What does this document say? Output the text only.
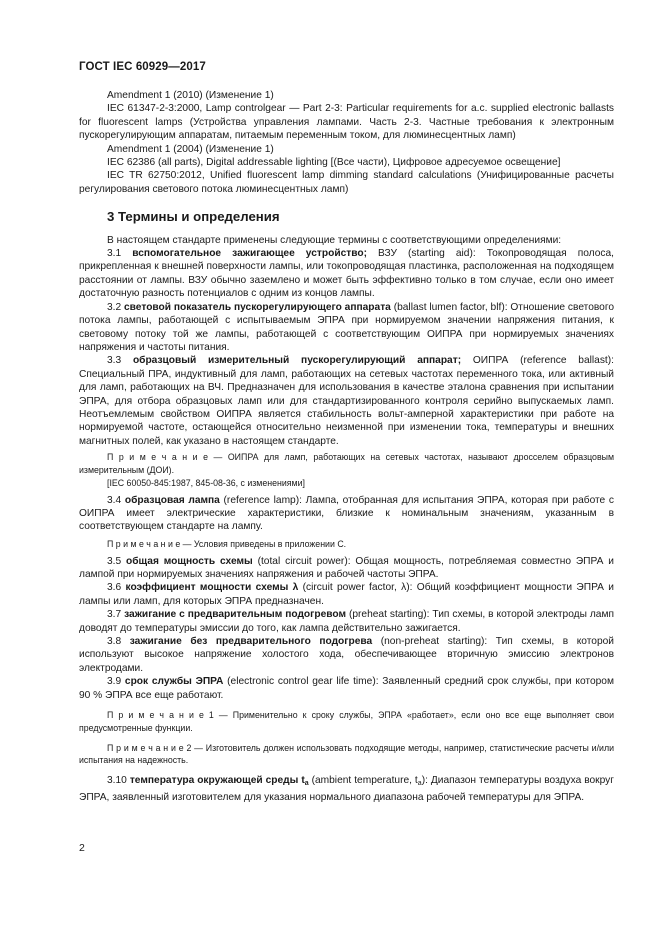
ГОСТ IEC 60929—2017

Amendment 1 (2010) (Изменение 1)

IEC 61347-2-3:2000, Lamp controlgear — Part 2-3: Particular requirements for a.c. supplied electronic ballasts for fluorescent lamps (Устройства управления лампами. Часть 2-3. Частные требования к электронным пускорегулирующим аппаратам, питаемым переменным током, для люминесцентных ламп)

Amendment 1 (2004) (Изменение 1)

IEC 62386 (all parts), Digital addressable lighting [(Все части), Цифровое адресуемое освещение]

IEC TR 62750:2012, Unified fluorescent lamp dimming standard calculations (Унифицированные расчеты регулирования светового потока люминесцентных ламп)

3 Термины и определения

В настоящем стандарте применены следующие термины с соответствующими определениями:

3.1 вспомогательное зажигающее устройство; ВЗУ (starting aid): Токопроводящая полоса, прикрепленная к внешней поверхности лампы, или токопроводящая пластинка, расположенная на подходящем расстоянии от лампы. ВЗУ обычно заземлено и может быть эффективно только в том случае, если оно имеет достаточную разность потенциалов с одним из концов лампы.

3.2 световой показатель пускорегулирующего аппарата (ballast lumen factor, blf): Отношение светового потока лампы, работающей с испытываемым ЭПРА при нормируемом значении напряжения питания, к световому потоку той же лампы, работающей с соответствующим ОИПРА при нормируемых значениях напряжения и частоты питания.

3.3 образцовый измерительный пускорегулирующий аппарат; ОИПРА (reference ballast): Специальный ПРА, индуктивный для ламп, работающих на сетевых частотах переменного тока, или активный для ламп, работающих на ВЧ. Предназначен для использования в качестве эталона сравнения при испытании ЭПРА, для отбора образцовых ламп или для стандартизированного контроля серийно выпускаемых ламп. Неотъемлемым свойством ОИПРА является стабильность вольт-амперной характеристики при работе на нормируемой частоте, остающейся относительно неизменной при изменении тока, температуры и внешних магнитных полей, как указано в настоящем стандарте.

П р и м е ч а н и е — ОИПРА для ламп, работающих на сетевых частотах, называют дросселем образцовым измерительным (ДОИ).

[IEC 60050-845:1987, 845-08-36, с изменениями]

3.4 образцовая лампа (reference lamp): Лампа, отобранная для испытания ЭПРА, которая при работе с ОИПРА имеет электрические характеристики, близкие к номинальным значениям, указанным в соответствующем стандарте на лампу.

П р и м е ч а н и е — Условия приведены в приложении С.

3.5 общая мощность схемы (total circuit power): Общая мощность, потребляемая совместно ЭПРА и лампой при нормируемых значениях напряжения и рабочей частоты ЭПРА.

3.6 коэффициент мощности схемы λ (circuit power factor, λ): Общий коэффициент мощности ЭПРА и лампы или ламп, для которых ЭПРА предназначен.

3.7 зажигание с предварительным подогревом (preheat starting): Тип схемы, в которой электроды ламп доводят до температуры эмиссии до того, как лампа действительно зажигается.

3.8 зажигание без предварительного подогрева (non-preheat starting): Тип схемы, в которой используют высокое напряжение холостого хода, обеспечивающее вторичную эмиссию электронов электродами.

3.9 срок службы ЭПРА (electronic control gear life time): Заявленный средний срок службы, при котором 90 % ЭПРА все еще работают.

П р и м е ч а н и е 1 — Применительно к сроку службы, ЭПРА «работает», если оно все еще выполняет свои предусмотренные функции.

П р и м е ч а н и е 2 — Изготовитель должен использовать подходящие методы, например, статистические расчеты и/или испытания на надежность.

3.10 температура окружающей среды $t_a$ (ambient temperature, $t_a$): Диапазон температуры воздуха вокруг ЭПРА, заявленный изготовителем для указания нормального диапазона рабочей температуры для ЭПРА.

2
